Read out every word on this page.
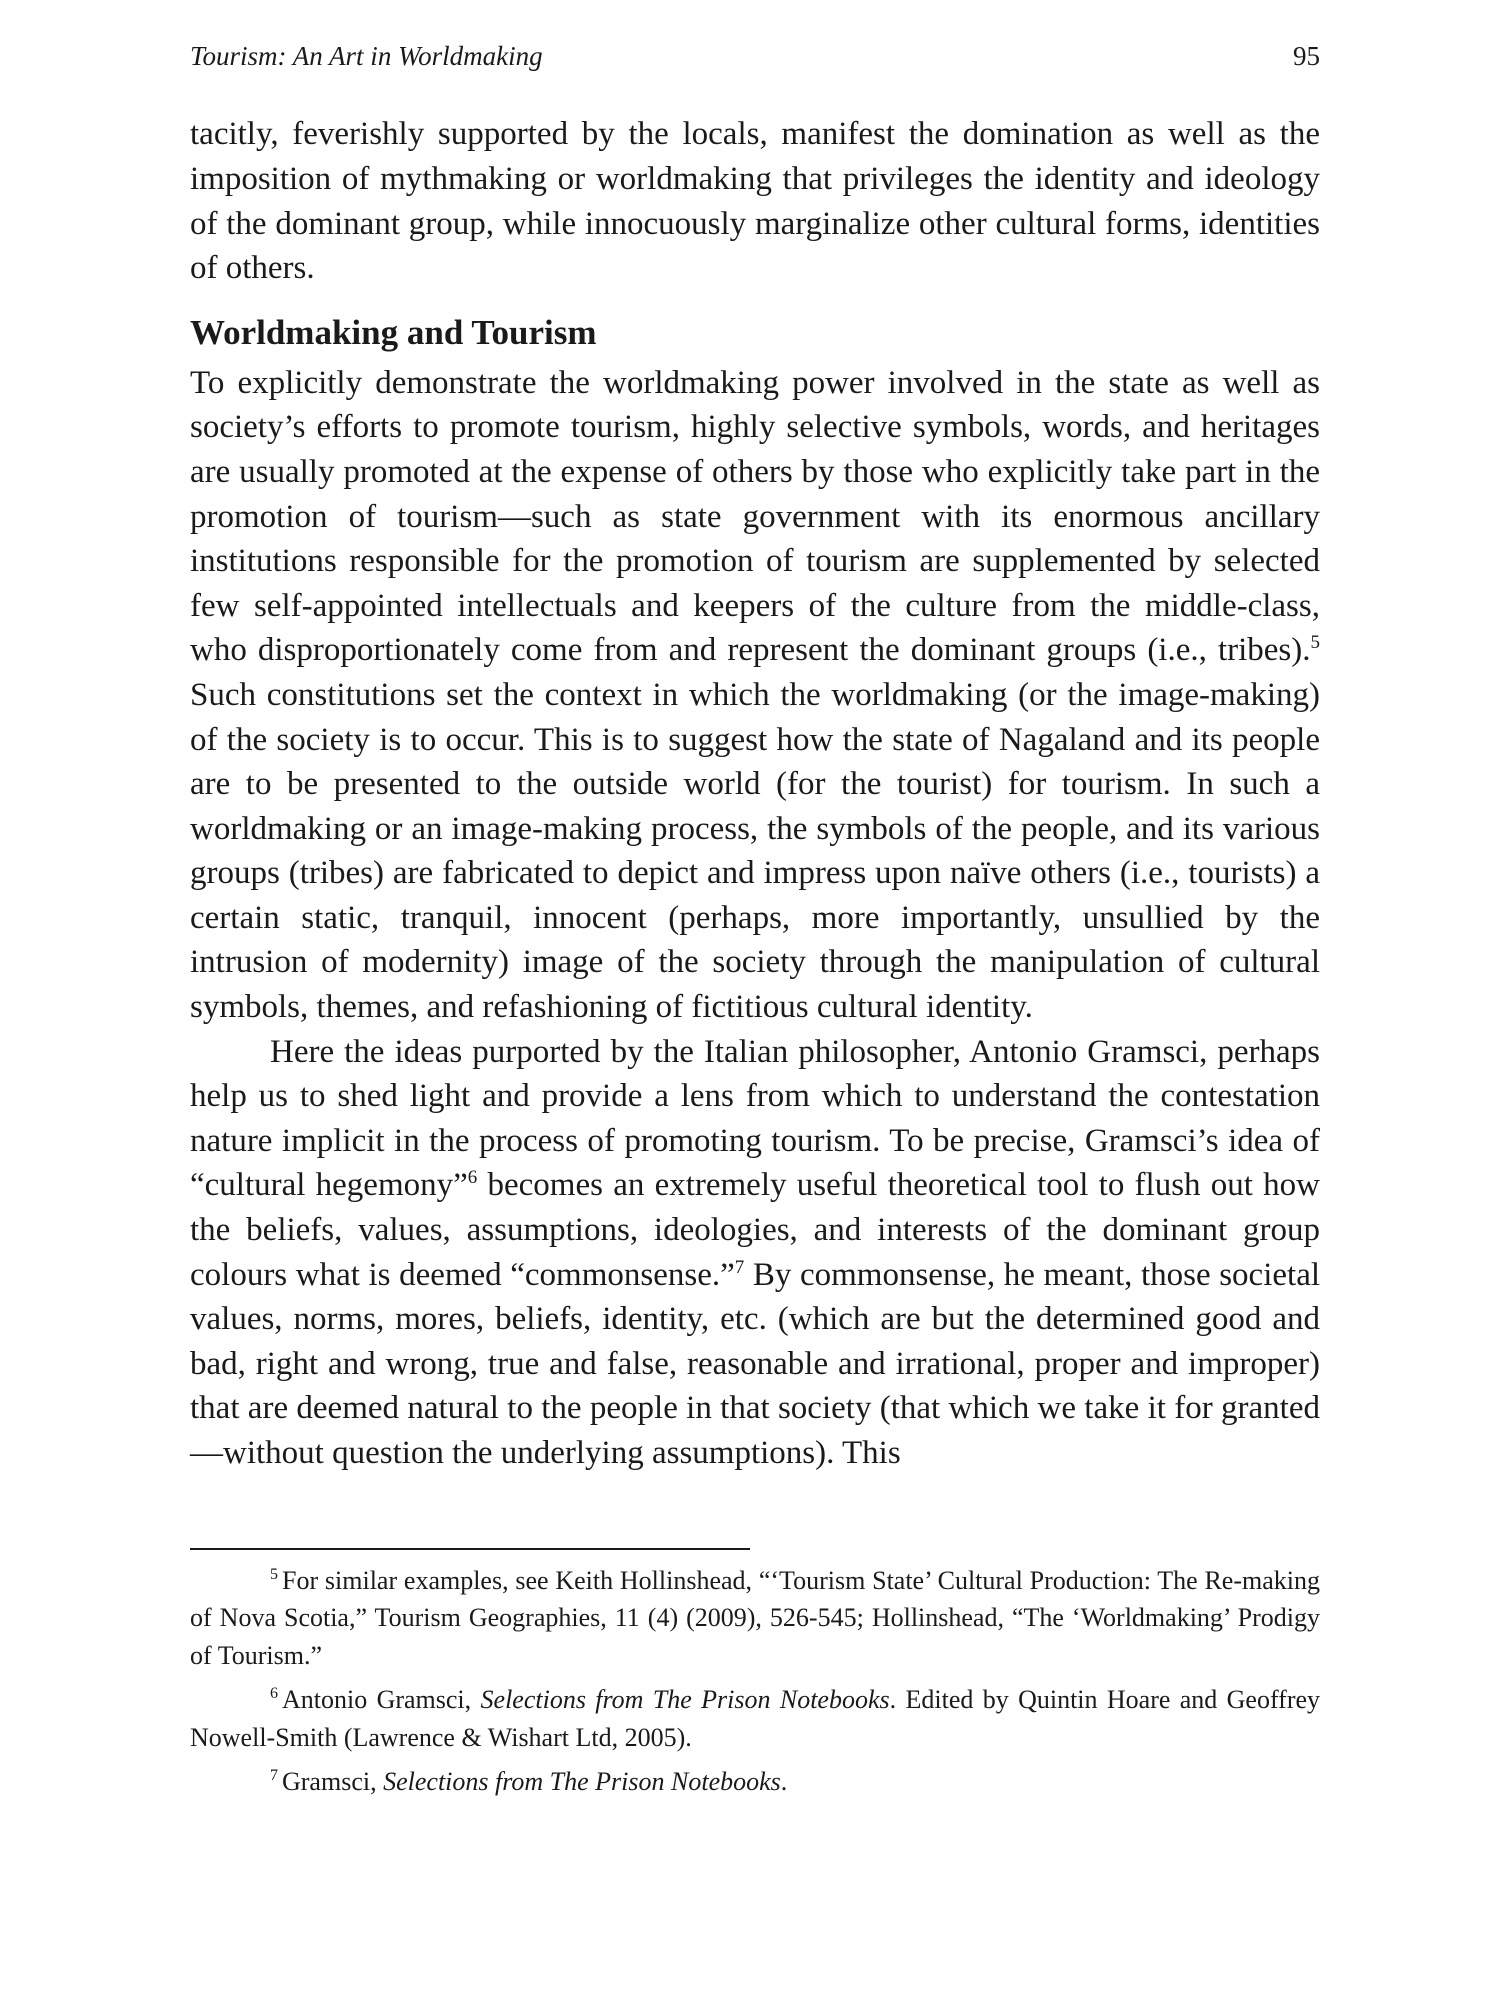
Tourism: An Art in Worldmaking	95

tacitly, feverishly supported by the locals, manifest the domination as well as the imposition of mythmaking or worldmaking that privileges the identity and ideology of the dominant group, while innocuously marginalize other cultural forms, identities of others.

Worldmaking and Tourism

To explicitly demonstrate the worldmaking power involved in the state as well as society’s efforts to promote tourism, highly selective symbols, words, and heritages are usually promoted at the expense of others by those who explicitly take part in the promotion of tourism—such as state government with its enormous ancillary institutions responsible for the promotion of tourism are supplemented by selected few self-appointed intellectuals and keepers of the culture from the middle-class, who disproportionately come from and represent the dominant groups (i.e., tribes).$^5$ Such constitutions set the context in which the worldmaking (or the image-making) of the society is to occur. This is to suggest how the state of Nagaland and its people are to be presented to the outside world (for the tourist) for tourism. In such a worldmaking or an image-making process, the symbols of the people, and its various groups (tribes) are fabricated to depict and impress upon naïve others (i.e., tourists) a certain static, tranquil, innocent (perhaps, more importantly, unsullied by the intrusion of modernity) image of the society through the manipulation of cultural symbols, themes, and refashioning of fictitious cultural identity.

Here the ideas purported by the Italian philosopher, Antonio Gramsci, perhaps help us to shed light and provide a lens from which to understand the contestation nature implicit in the process of promoting tourism. To be precise, Gramsci’s idea of “cultural hegemony”$^6$ becomes an extremely useful theoretical tool to flush out how the beliefs, values, assumptions, ideologies, and interests of the dominant group colours what is deemed “commonsense.”$^7$ By commonsense, he meant, those societal values, norms, mores, beliefs, identity, etc. (which are but the determined good and bad, right and wrong, true and false, reasonable and irrational, proper and improper) that are deemed natural to the people in that society (that which we take it for granted—without question the underlying assumptions). This

$^5$ For similar examples, see Keith Hollinshead, “‘Tourism State’ Cultural Production: The Re-making of Nova Scotia,” Tourism Geographies, 11 (4) (2009), 526-545; Hollinshead, “The ‘Worldmaking’ Prodigy of Tourism.”

$^6$ Antonio Gramsci, Selections from The Prison Notebooks. Edited by Quintin Hoare and Geoffrey Nowell-Smith (Lawrence & Wishart Ltd, 2005).

$^7$ Gramsci, Selections from The Prison Notebooks.
